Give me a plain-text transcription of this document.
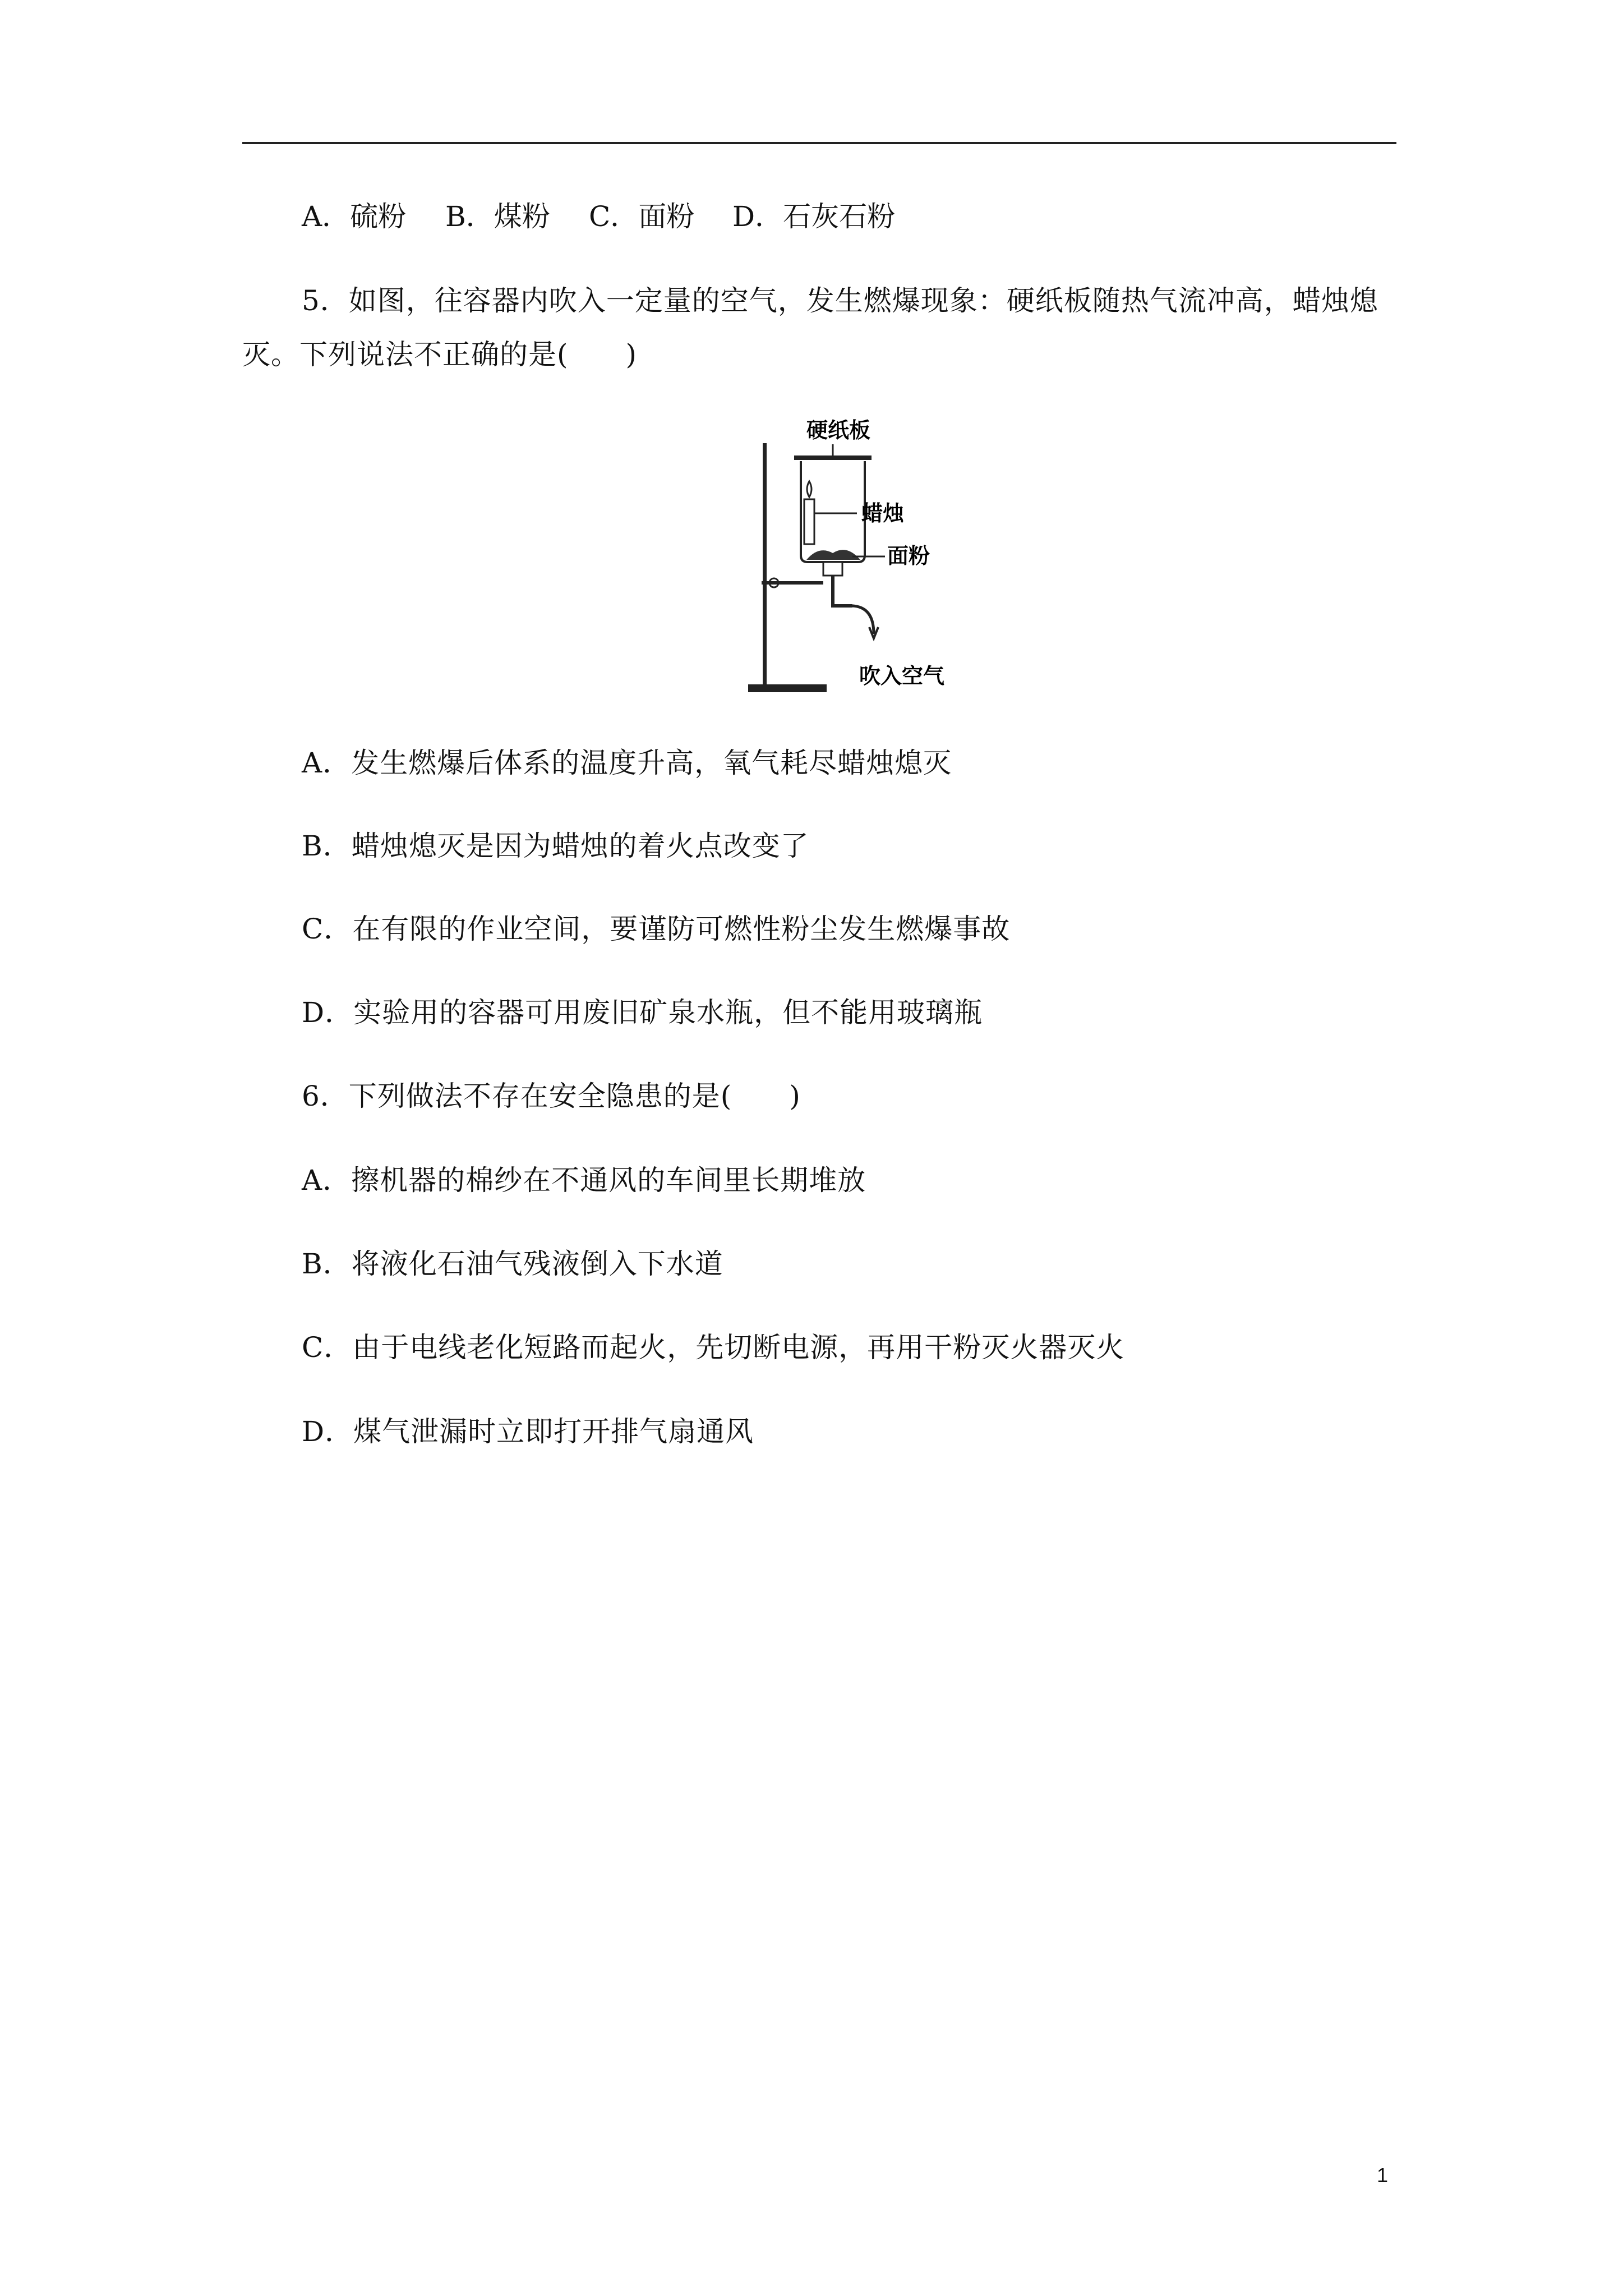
A．硫粉 B．煤粉 C．面粉 D．石灰石粉
5．如图，往容器内吹入一定量的空气，发生燃爆现象：硬纸板随热气流冲高，蜡烛熄
灭。下列说法不正确的是(　　)
硬纸板
蜡烛
面粉
吹入空气
A．发生燃爆后体系的温度升高，氧气耗尽蜡烛熄灭
B．蜡烛熄灭是因为蜡烛的着火点改变了
C．在有限的作业空间，要谨防可燃性粉尘发生燃爆事故
D．实验用的容器可用废旧矿泉水瓶，但不能用玻璃瓶
6．下列做法不存在安全隐患的是(　　)
A．擦机器的棉纱在不通风的车间里长期堆放
B．将液化石油气残液倒入下水道
C．由于电线老化短路而起火，先切断电源，再用干粉灭火器灭火
D．煤气泄漏时立即打开排气扇通风
1
